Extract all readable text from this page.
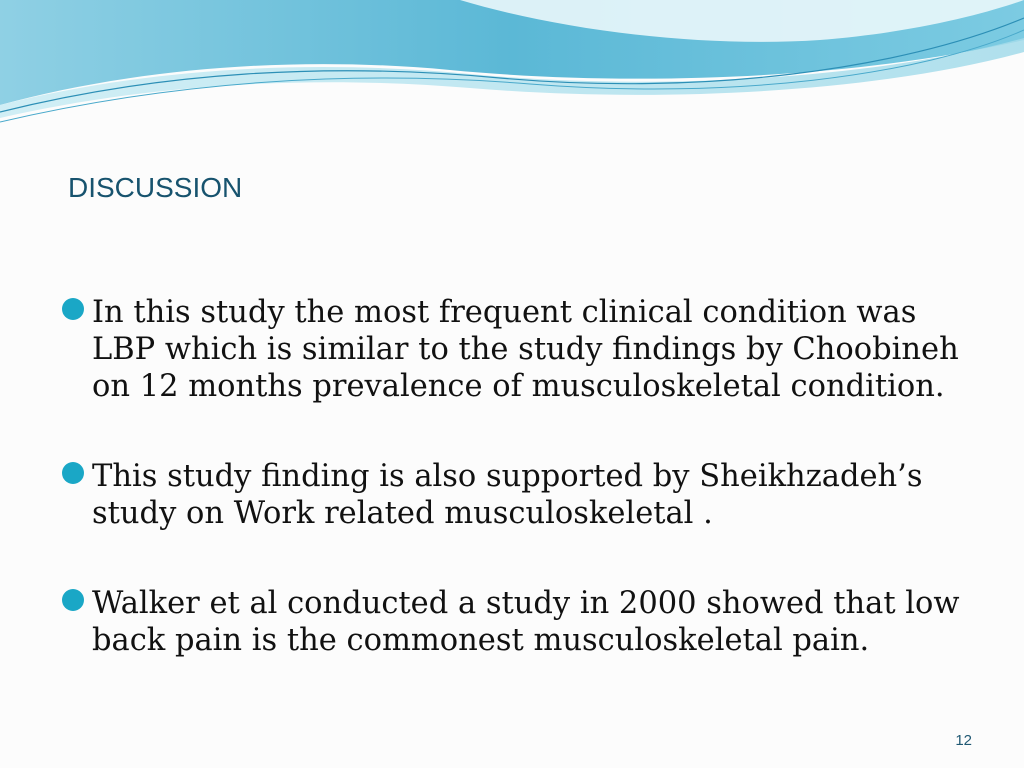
DISCUSSION
In this study the most frequent clinical condition was LBP which is similar to the study findings by Choobineh on 12 months prevalence of musculoskeletal condition.
This study finding is also supported by Sheikhzadeh’s study on Work related musculoskeletal .
Walker et al conducted a study in 2000 showed that low back pain is the commonest musculoskeletal pain.
12
